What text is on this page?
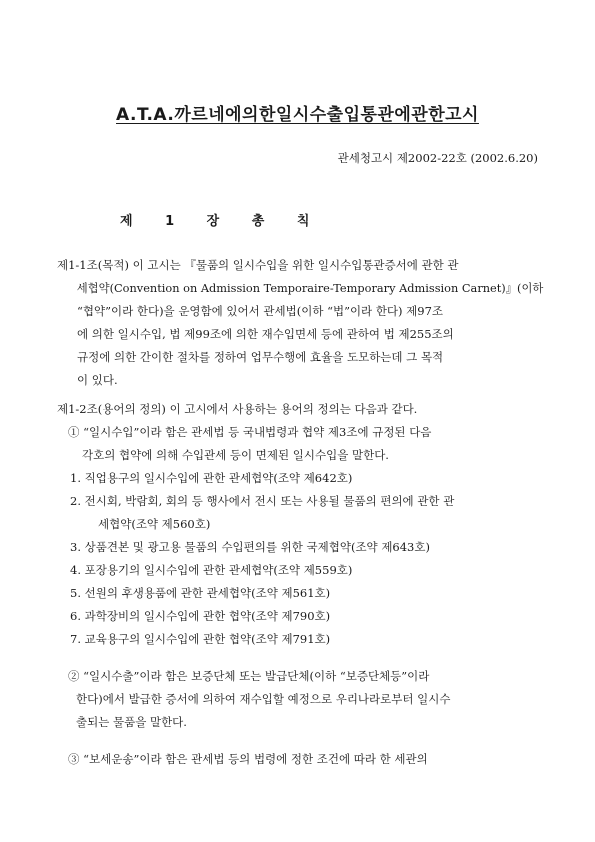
A.T.A.까르네에의한일시수출입통관에관한고시
관세청고시 제2002-22호 (2002.6.20)
제 1 장 총 칙
제1-1조(목적) 이 고시는 『물품의 일시수입을 위한 일시수입통관증서에 관한 관
세협약(Convention on Admission Temporaire-Temporary Admission Carnet)』(이하
“협약”이라 한다)을 운영함에 있어서 관세법(이하 “법”이라 한다) 제97조
에 의한 일시수입, 법 제99조에 의한 재수입면세 등에 관하여 법 제255조의
규정에 의한 간이한 절차를 정하여 업무수행에 효율을 도모하는데 그 목적
이 있다.
제1-2조(용어의 정의) 이 고시에서 사용하는 용어의 정의는 다음과 같다.
① “일시수입”이라 함은 관세법 등 국내법령과 협약 제3조에 규정된 다음
각호의 협약에 의해 수입관세 등이 면제된 일시수입을 말한다.
1. 직업용구의 일시수입에 관한 관세협약(조약 제642호)
2. 전시회, 박람회, 회의 등 행사에서 전시 또는 사용될 물품의 편의에 관한 관
세협약(조약 제560호)
3. 상품견본 및 광고용 물품의 수입편의를 위한 국제협약(조약 제643호)
4. 포장용기의 일시수입에 관한 관세협약(조약 제559호)
5. 선원의 후생용품에 관한 관세협약(조약 제561호)
6. 과학장비의 일시수입에 관한 협약(조약 제790호)
7. 교육용구의 일시수입에 관한 협약(조약 제791호)
② “일시수출”이라 함은 보증단체 또는 발급단체(이하 “보증단체등”이라
한다)에서 발급한 증서에 의하여 재수입할 예정으로 우리나라로부터 일시수
출되는 물품을 말한다.
③ “보세운송”이라 함은 관세법 등의 법령에 정한 조건에 따라 한 세관의
